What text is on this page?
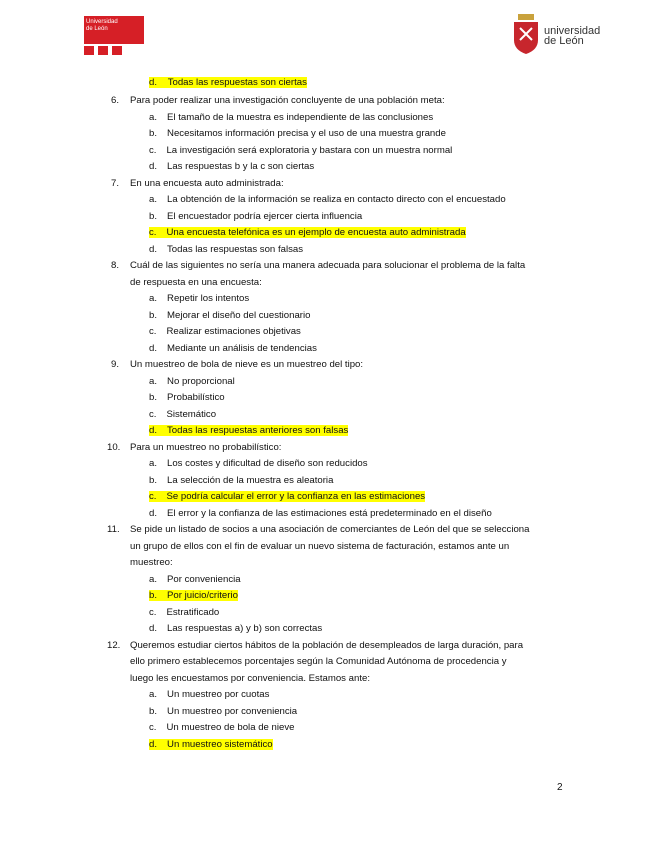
Universidad
de León	universidad
de León
d. Todas las respuestas son ciertas
6. Para poder realizar una investigación concluyente de una población meta:
a. El tamaño de la muestra es independiente de las conclusiones
b. Necesitamos información precisa y el uso de una muestra grande
c. La investigación será exploratoria y bastara con un muestra normal
d. Las respuestas b y la c son ciertas
7. En una encuesta auto administrada:
a. La obtención de la información se realiza en contacto directo con el encuestado
b. El encuestador podría ejercer cierta influencia
c. Una encuesta telefónica es un ejemplo de encuesta auto administrada
d. Todas las respuestas son falsas
8. Cuál de las siguientes no sería una manera adecuada para solucionar el problema de la falta
de respuesta en una encuesta:
a. Repetir los intentos
b. Mejorar el diseño del cuestionario
c. Realizar estimaciones objetivas
d. Mediante un análisis de tendencias
9. Un muestreo de bola de nieve es un muestreo del tipo:
a. No proporcional
b. Probabilístico
c. Sistemático
d. Todas las respuestas anteriores son falsas
10. Para un muestreo no probabilístico:
a. Los costes y dificultad de diseño son reducidos
b. La selección de la muestra es aleatoria
c. Se podría calcular el error y la confianza en las estimaciones
d. El error y la confianza de las estimaciones está predeterminado en el diseño
11. Se pide un listado de socios a una asociación de comerciantes de León del que se selecciona
un grupo de ellos con el fin de evaluar un nuevo sistema de facturación, estamos ante un
muestreo:
a. Por conveniencia
b. Por juicio/criterio
c. Estratificado
d. Las respuestas a) y b) son correctas
12. Queremos estudiar ciertos hábitos de la población de desempleados de larga duración, para
ello primero establecemos porcentajes según la Comunidad Autónoma de procedencia y
luego les encuestamos por conveniencia. Estamos ante:
a. Un muestreo por cuotas
b. Un muestreo por conveniencia
c. Un muestreo de bola de nieve
d. Un muestreo sistemático
2
